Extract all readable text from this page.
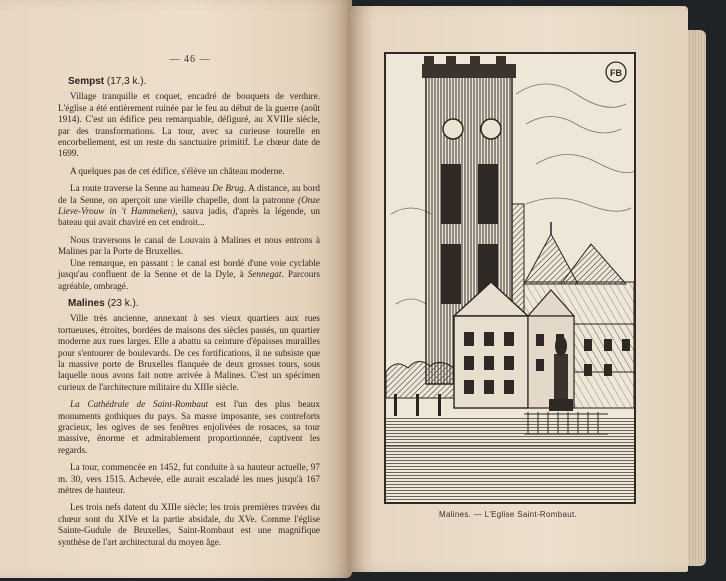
— 46 —
Sempst (17,3 k.).

Village tranquille et coquet, encadré de bouquets de verdure. L'église a été entièrement ruinée par le feu au début de la guerre (août 1914). C'est un édifice peu remarquable, défiguré, au XVIIIe siècle, par des transformations. La tour, avec sa curieuse tourelle en encorbellement, est un reste du sanctuaire primitif. Le chœur date de 1699.

A quelques pas de cet édifice, s'élève un château moderne.

La route traverse la Senne au hameau De Brug. A distance, au bord de la Senne, on aperçoit une vieille chapelle, dont la patronne (Onze Lieve-Vrouw in 't Hammeken), sauva jadis, d'après la légende, un bateau qui avait chaviré en cet endroit...

Nous traversons le canal de Louvain à Malines et nous entrons à Malines par la Porte de Bruxelles.

Une remarque, en passant : le canal est bordé d'une voie cyclable jusqu'au confluent de la Senne et de la Dyle, à Sennegat. Parcours agréable, ombragé.

Malines (23 k.).

Ville très ancienne, annexant à ses vieux quartiers aux rues tortueuses, étroites, bordées de maisons des siècles passés, un quartier moderne aux rues larges. Elle a abattu sa ceinture d'épaisses murailles pour s'entourer de boulevards. De ces fortifications, il ne subsiste que la massive porte de Bruxelles flanquée de deux grosses tours, sous laquelle nous avons fait notre arrivée à Malines. C'est un spécimen curieux de l'architecture militaire du XIIIe siècle.

La Cathédrale de Saint-Rombaut est l'un des plus beaux monuments gothiques du pays. Sa masse imposante, ses contreforts gracieux, les ogives de ses fenêtres enjolivées de rosaces, sa tour massive, énorme et admirablement proportionnée, captivent les regards.

La tour, commencée en 1452, fut conduite à sa hauteur actuelle, 97 m. 30, vers 1515. Achevée, elle aurait escaladé les nues jusqu'à 167 mètres de hauteur.

Les trois nefs datent du XIIIe siècle; les trois premières travées du chœur sont du XIVe et la partie absidale, du XVe. Comme l'église Sainte-Gudule de Bruxelles, Saint-Rombaut est une magnifique synthèse de l'art architectural du moyen âge.

FB
Malines. — L'Eglise Saint-Rombaut.
